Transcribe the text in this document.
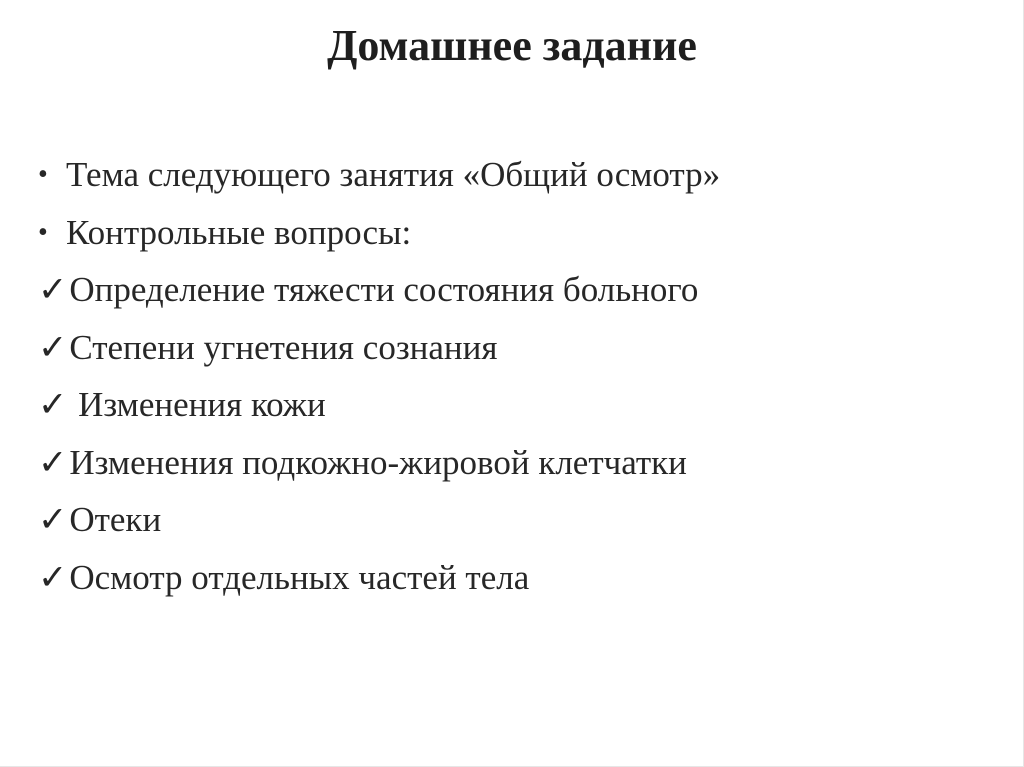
Домашнее задание
• Тема следующего занятия «Общий осмотр»
• Контрольные вопросы:
✓Определение тяжести состояния больного
✓Степени угнетения сознания
✓ Изменения кожи
✓Изменения подкожно-жировой клетчатки
✓Отеки
✓Осмотр отдельных частей тела
